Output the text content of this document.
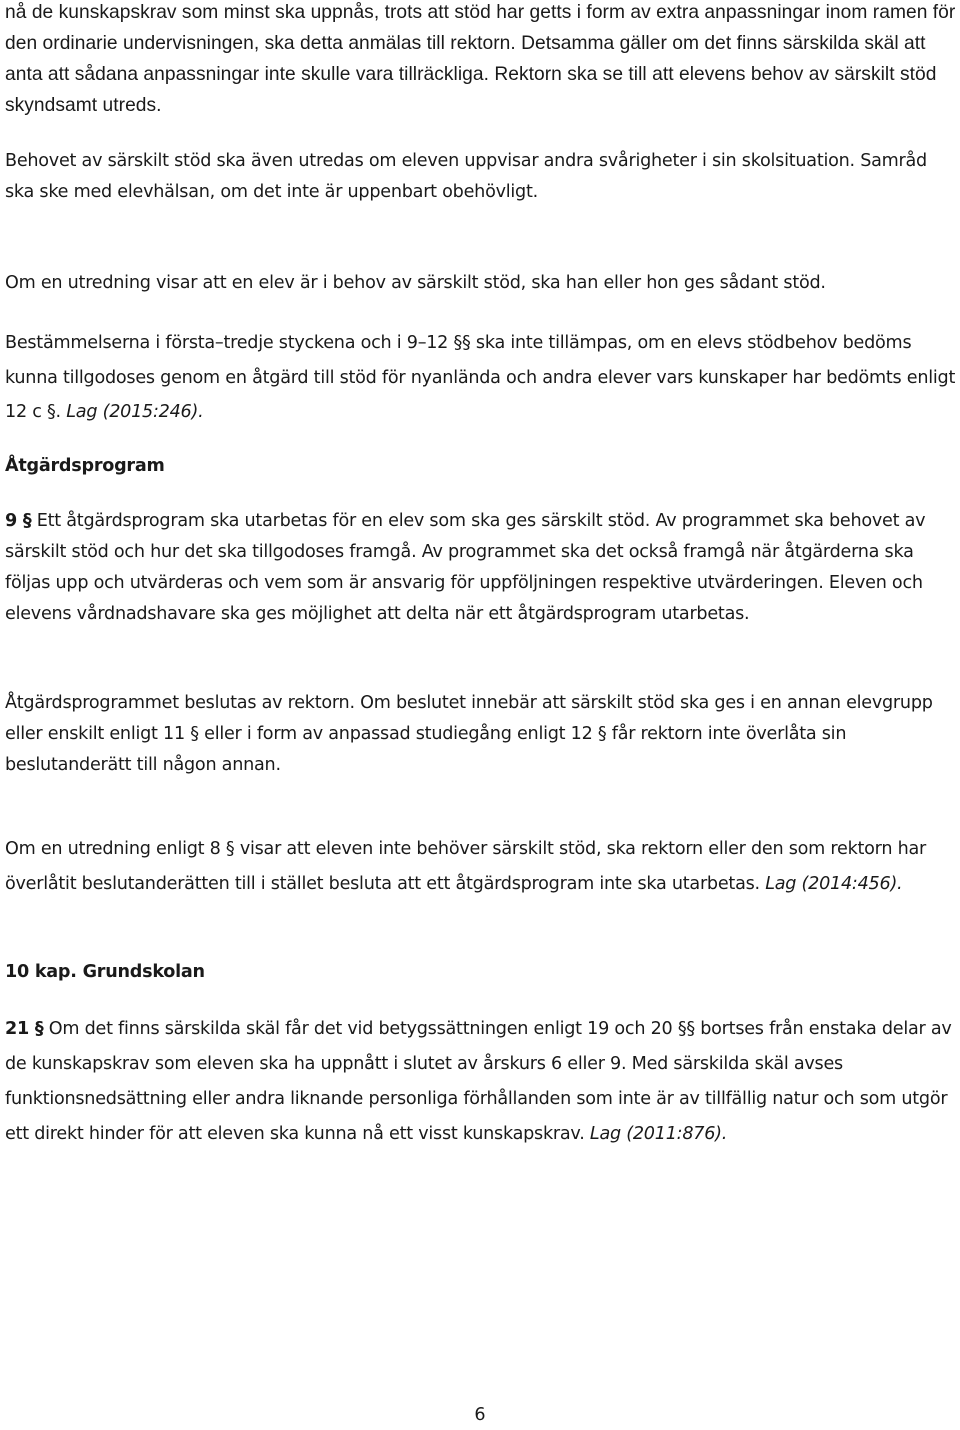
nå de kunskapskrav som minst ska uppnås, trots att stöd har getts i form av extra anpassningar inom ramen för den ordinarie undervisningen, ska detta anmälas till rektorn. Detsamma gäller om det finns särskilda skäl att anta att sådana anpassningar inte skulle vara tillräckliga. Rektorn ska se till att elevens behov av särskilt stöd skyndsamt utreds.

Behovet av särskilt stöd ska även utredas om eleven uppvisar andra svårigheter i sin skolsituation. Samråd ska ske med elevhälsan, om det inte är uppenbart obehövligt.

Om en utredning visar att en elev är i behov av särskilt stöd, ska han eller hon ges sådant stöd.

Bestämmelserna i första–tredje styckena och i 9–12 §§ ska inte tillämpas, om en elevs stödbehov bedöms kunna tillgodoses genom en åtgärd till stöd för nyanlända och andra elever vars kunskaper har bedömts enligt 12 c §. Lag (2015:246).

Åtgärdsprogram

9 § Ett åtgärdsprogram ska utarbetas för en elev som ska ges särskilt stöd. Av programmet ska behovet av särskilt stöd och hur det ska tillgodoses framgå. Av programmet ska det också framgå när åtgärderna ska följas upp och utvärderas och vem som är ansvarig för uppföljningen respektive utvärderingen. Eleven och elevens vårdnadshavare ska ges möjlighet att delta när ett åtgärdsprogram utarbetas.

Åtgärdsprogrammet beslutas av rektorn. Om beslutet innebär att särskilt stöd ska ges i en annan elevgrupp eller enskilt enligt 11 § eller i form av anpassad studiegång enligt 12 § får rektorn inte överlåta sin beslutanderätt till någon annan.

Om en utredning enligt 8 § visar att eleven inte behöver särskilt stöd, ska rektorn eller den som rektorn har överlåtit beslutanderätten till i stället besluta att ett åtgärdsprogram inte ska utarbetas. Lag (2014:456).

10 kap. Grundskolan

21 § Om det finns särskilda skäl får det vid betygssättningen enligt 19 och 20 §§ bortses från enstaka delar av de kunskapskrav som eleven ska ha uppnått i slutet av årskurs 6 eller 9. Med särskilda skäl avses funktionsnedsättning eller andra liknande personliga förhållanden som inte är av tillfällig natur och som utgör ett direkt hinder för att eleven ska kunna nå ett visst kunskapskrav. Lag (2011:876).

6
